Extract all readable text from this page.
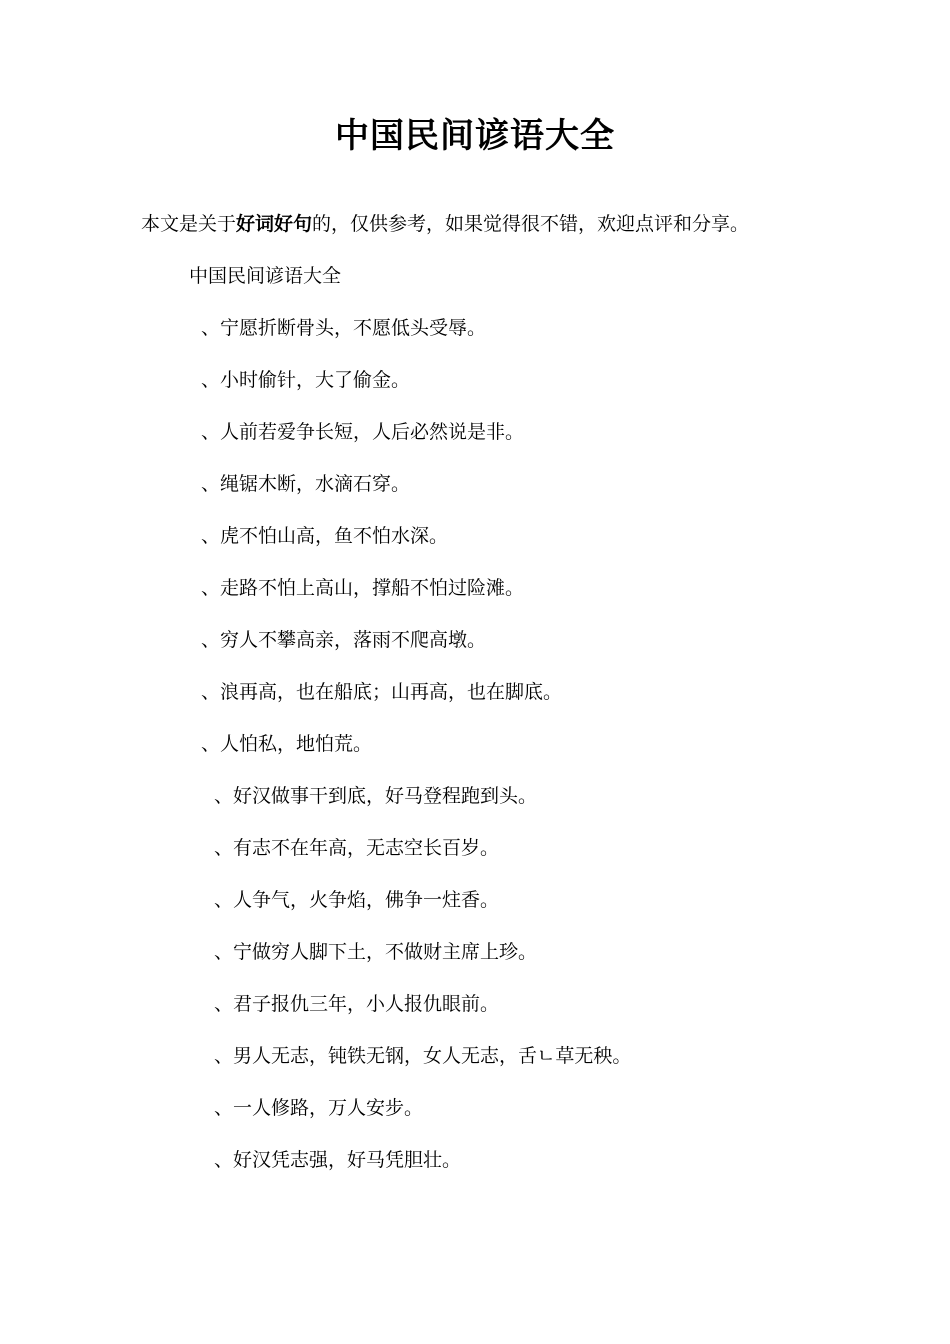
中国民间谚语大全
本文是关于好词好句的，仅供参考，如果觉得很不错，欢迎点评和分享。
中国民间谚语大全
、宁愿折断骨头，不愿低头受辱。
、小时偷针，大了偷金。
、人前若爱争长短，人后必然说是非。
、绳锯木断，水滴石穿。
、虎不怕山高，鱼不怕水深。
、走路不怕上高山，撑船不怕过险滩。
、穷人不攀高亲，落雨不爬高墩。
、浪再高，也在船底；山再高，也在脚底。
、人怕私，地怕荒。
、好汉做事干到底，好马登程跑到头。
、有志不在年高，无志空长百岁。
、人争气，火争焰，佛争一炷香。
、宁做穷人脚下土，不做财主席上珍。
、君子报仇三年，小人报仇眼前。
、男人无志，钝铁无钢，女人无志，舌ㄴ草无秧。
、一人修路，万人安步。
、好汉凭志强，好马凭胆壮。
